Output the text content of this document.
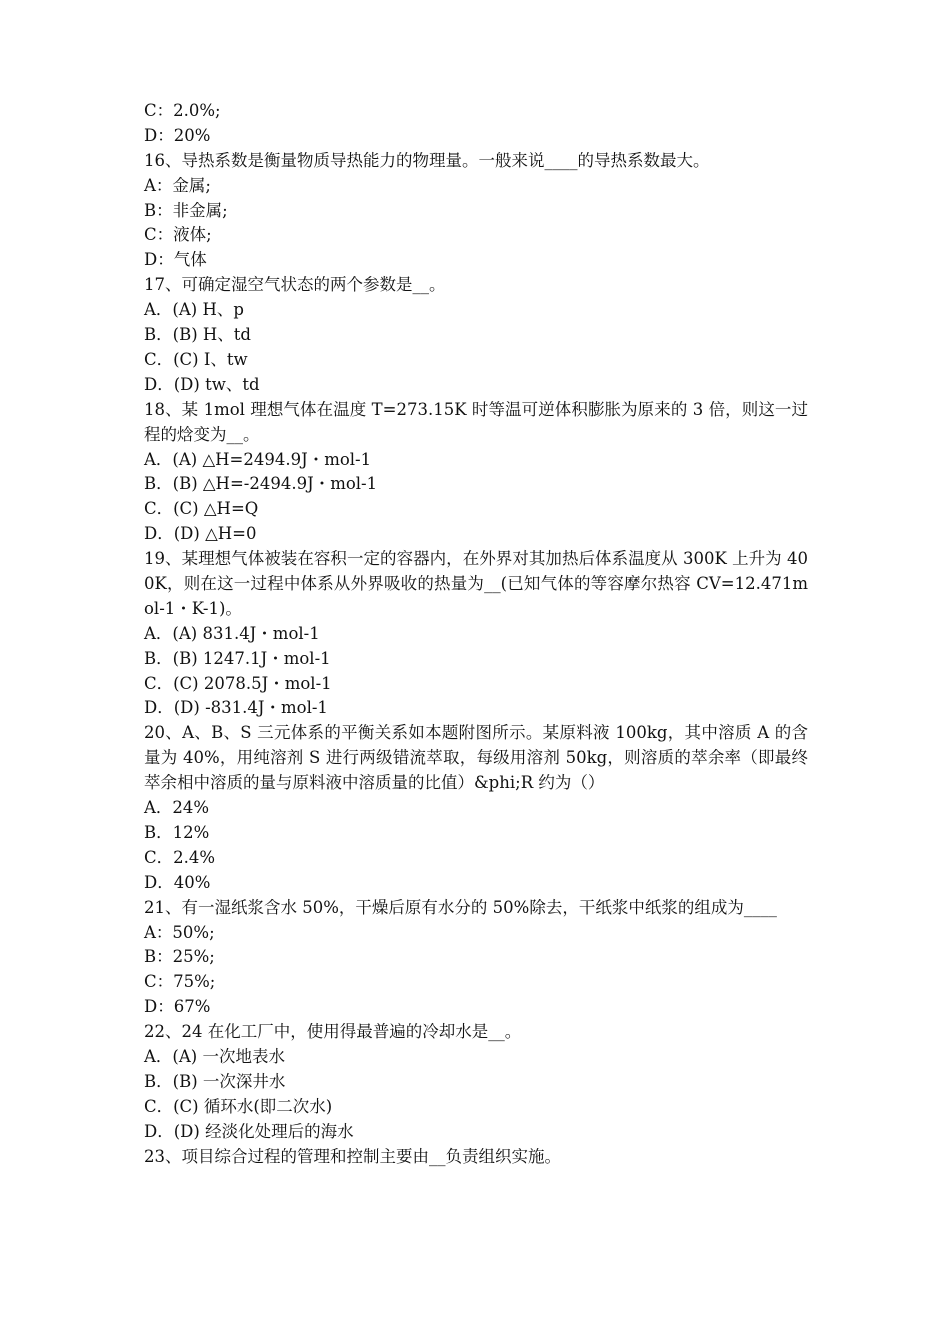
C：2.0%;
D：20%
16、导热系数是衡量物质导热能力的物理量。一般来说____的导热系数最大。
A：金属;
B：非金属;
C：液体;
D：气体
17、可确定湿空气状态的两个参数是__。
A．(A) H、p
B．(B) H、td
C．(C) I、tw
D．(D) tw、td
18、某 1mol 理想气体在温度 T=273.15K 时等温可逆体积膨胀为原来的 3 倍，则这一过程的焓变为__。
A．(A) △H=2494.9J・mol-1
B．(B) △H=-2494.9J・mol-1
C．(C) △H=Q
D．(D) △H=0
19、某理想气体被装在容积一定的容器内，在外界对其加热后体系温度从 300K 上升为 400K，则在这一过程中体系从外界吸收的热量为__(已知气体的等容摩尔热容 CV=12.471mol-1・K-1)。
A．(A) 831.4J・mol-1
B．(B) 1247.1J・mol-1
C．(C) 2078.5J・mol-1
D．(D) -831.4J・mol-1
20、A、B、S 三元体系的平衡关系如本题附图所示。某原料液 100kg，其中溶质 A 的含量为 40%，用纯溶剂 S 进行两级错流萃取，每级用溶剂 50kg，则溶质的萃余率（即最终萃余相中溶质的量与原料液中溶质量的比值）&phi;R 约为（）
A．24%
B．12%
C．2.4%
D．40%
21、有一湿纸浆含水 50%，干燥后原有水分的 50%除去，干纸浆中纸浆的组成为____
A：50%;
B：25%;
C：75%;
D：67%
22、24 在化工厂中，使用得最普遍的冷却水是__。
A．(A) 一次地表水
B．(B) 一次深井水
C．(C) 循环水(即二次水)
D．(D) 经淡化处理后的海水
23、项目综合过程的管理和控制主要由__负责组织实施。
